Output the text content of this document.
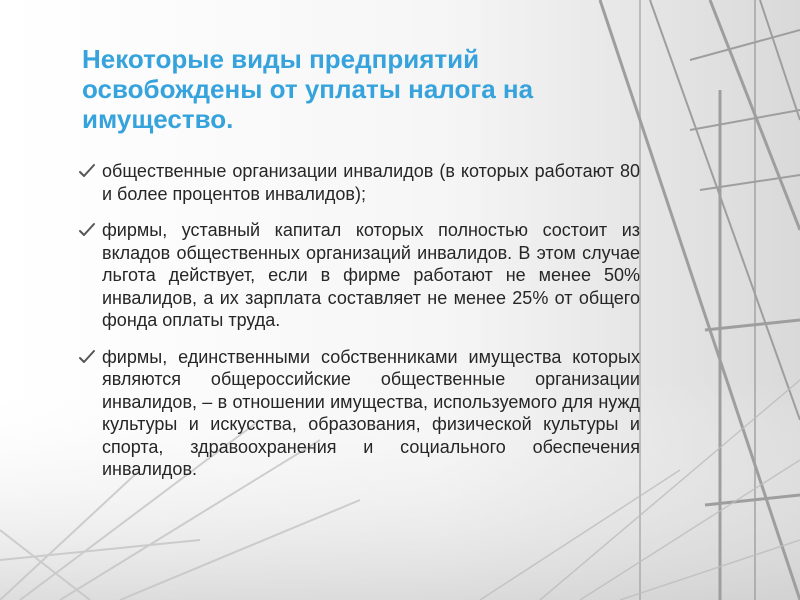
Некоторые виды предприятий освобождены от уплаты налога на имущество.
общественные организации инвалидов (в которых работают 80 и более процентов инвалидов);
фирмы, уставный капитал которых полностью состоит из вкладов общественных организаций инвалидов. В этом случае льгота действует, если в фирме работают не менее 50% инвалидов, а их зарплата составляет не менее 25% от общего фонда оплаты труда.
фирмы, единственными собственниками имущества которых являются общероссийские общественные организации инвалидов, – в отношении имущества, используемого для нужд культуры и искусства, образования, физической культуры и спорта, здравоохранения и социального обеспечения инвалидов.
